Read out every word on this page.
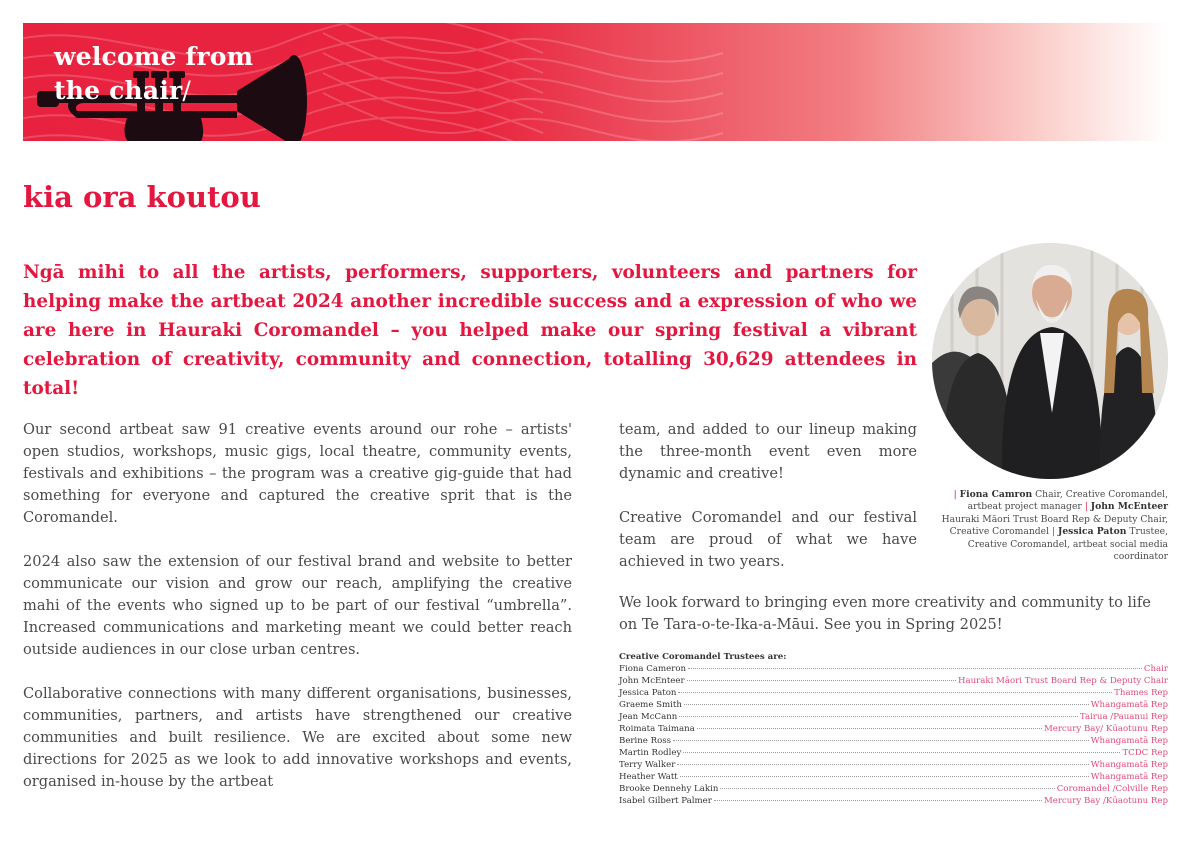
welcome from
the chair/
kia ora koutou

Ngā mihi to all the artists, performers, supporters, volunteers and partners for helping make the artbeat 2024 another incredible success and a expression of who we are here in Hauraki Coromandel – you helped make our spring festival a vibrant celebration of creativity, community and connection, totalling 30,629 attendees in total!

Our second artbeat saw 91 creative events around our rohe – artists' open studios, workshops, music gigs, local theatre, community events, festivals and exhibitions – the program was a creative gig-guide that had something for everyone and captured the creative sprit that is the Coromandel.

2024 also saw the extension of our festival brand and website to better communicate our vision and grow our reach, amplifying the creative mahi of the events who signed up to be part of our festival “umbrella”. Increased communications and marketing meant we could better reach outside audiences in our close urban centres.

Collaborative connections with many different organisations, businesses, communities, partners, and artists have strengthened our creative communities and built resilience. We are excited about some new directions for 2025 as we look to add innovative workshops and events, organised in-house by the artbeat

team, and added to our lineup making the three-month event even more dynamic and creative!

Creative Coromandel and our festival team are proud of what we have achieved in two years.

We look forward to bringing even more creativity and community to life on Te Tara-o-te-Ika-a-Māui. See you in Spring 2025!

| Fiona Camron Chair, Creative Coromandel, artbeat project manager | John McEnteer Hauraki Māori Trust Board Rep & Deputy Chair, Creative Coromandel | Jessica Paton Trustee, Creative Coromandel, artbeat social media coordinator

Creative Coromandel Trustees are:
Fiona Cameron	Chair
John McEnteer	Hauraki Māori Trust Board Rep & Deputy Chair
Jessica Paton	Thames Rep
Graeme Smith	Whangamatā Rep
Jean McCann	Tairua /Pauanui Rep
Roimata Taimana	Mercury Bay/ Kūaotunu Rep
Berine Ross	Whangamatā Rep
Martin Rodley	TCDC Rep
Terry Walker	Whangamatā Rep
Heather Watt	Whangamatā Rep
Brooke Dennehy Lakin	Coromandel /Colville Rep
Isabel Gilbert Palmer	Mercury Bay /Kūaotunu Rep
